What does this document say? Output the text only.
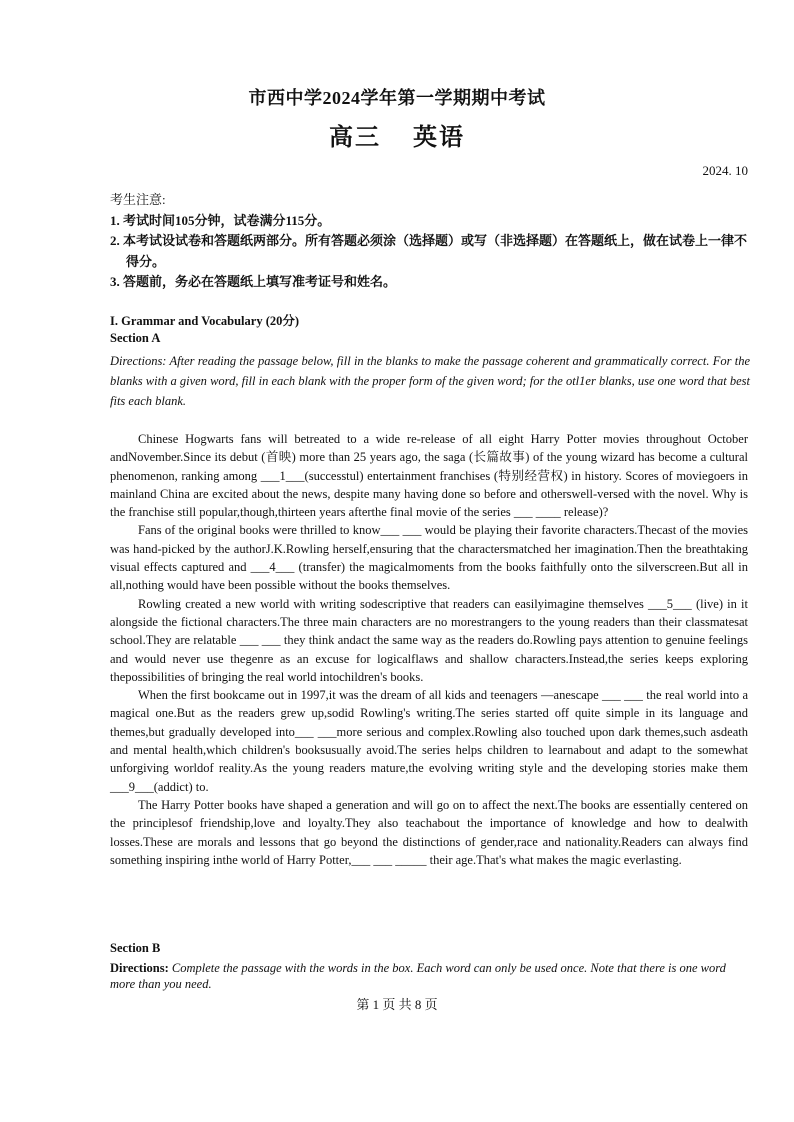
市西中学2024学年第一学期期中考试
高三    英语
2024. 10
考生注意:
1. 考试时间105分钟，试卷满分115分。
2. 本考试设试卷和答题纸两部分。所有答题必须涂（选择题）或写（非选择题）在答题纸上，做在试卷上一律不得分。
3. 答题前，务必在答题纸上填写准考证号和姓名。
I. Grammar and Vocabulary (20分)
Section A
Directions: After reading the passage below, fill in the blanks to make the passage coherent and grammatically correct. For the blanks with a given word, fill in each blank with the proper form of the given word; for the otl1er blanks, use one word that best fits each blank.

Chinese Hogwarts fans will betreated to a wide re-release of all eight Harry Potter movies throughout October andNovember.Since its debut (首映) more than 25 years ago, the saga (长篇故事) of the young wizard has become a cultural phenomenon, ranking among ___1___(successtul) entertainment franchises (特别经营权) in history. Scores of moviegoers in mainland China are excited about the news, despite many having done so before and otherswell-versed with the novel. Why is the franchise still popular,though,thirteen years afterthe final movie of the series ___ ____ release)?

Fans of the original books were thrilled to know___ ___ would be playing their favorite characters.Thecast of the movies was hand-picked by the authorJ.K.Rowling herself,ensuring that the charactersmatched her imagination.Then the breathtaking visual effects captured and ___4___ (transfer) the magicalmoments from the books faithfully onto the silverscreen.But all in all,nothing would have been possible without the books themselves.

Rowling created a new world with writing sodescriptive that readers can easilyimagine themselves ___5___ (live) in it alongside the fictional characters.The three main characters are no morestrangers to the young readers than their classmatesat school.They are relatable ___ ___ they think andact the same way as the readers do.Rowling pays attention to genuine feelings and would never use thegenre as an excuse for logicalflaws and shallow characters.Instead,the series keeps exploring thepossibilities of bringing the real world intochildren's books.

When the first bookcame out in 1997,it was the dream of all kids and teenagers —anescape ___ ___ the real world into a magical one.But as the readers grew up,sodid Rowling's writing.The series started off quite simple in its language and themes,but gradually developed into___ ___more serious and complex.Rowling also touched upon dark themes,such asdeath and mental health,which children's booksusually avoid.The series helps children to learnabout and adapt to the somewhat unforgiving worldof reality.As the young readers mature,the evolving writing style and the developing stories make them ___9___(addict) to.

The Harry Potter books have shaped a generation and will go on to affect the next.The books are essentially centered on the principlesof friendship,love and loyalty.They also teachabout the importance of knowledge and how to dealwith losses.These are morals and lessons that go beyond the distinctions of gender,race and nationality.Readers can always find something inspiring inthe world of Harry Potter,___ ___ _____ their age.That's what makes the magic everlasting.

Section B
Directions: Complete the passage with the words in the box. Each word can only be used once. Note that there is one word more than you need.
第 1 页 共 8 页
